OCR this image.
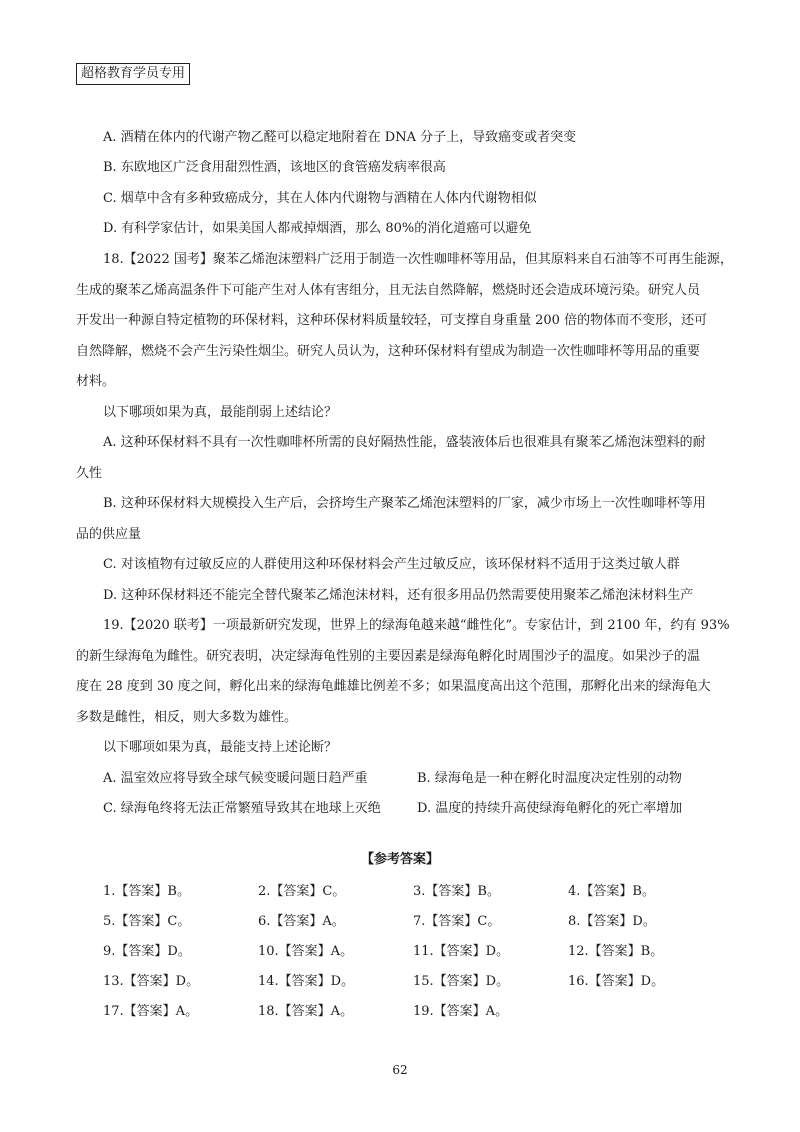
超格教育学员专用
A. 酒精在体内的代谢产物乙醛可以稳定地附着在 DNA 分子上，导致癌变或者突变
B. 东欧地区广泛食用甜烈性酒，该地区的食管癌发病率很高
C. 烟草中含有多种致癌成分，其在人体内代谢物与酒精在人体内代谢物相似
D. 有科学家估计，如果美国人都戒掉烟酒，那么 80%的消化道癌可以避免
18.【2022 国考】聚苯乙烯泡沫塑料广泛用于制造一次性咖啡杯等用品，但其原料来自石油等不可再生能源，
生成的聚苯乙烯高温条件下可能产生对人体有害组分，且无法自然降解，燃烧时还会造成环境污染。研究人员
开发出一种源自特定植物的环保材料，这种环保材料质量较轻，可支撑自身重量 200 倍的物体而不变形，还可
自然降解，燃烧不会产生污染性烟尘。研究人员认为，这种环保材料有望成为制造一次性咖啡杯等用品的重要
材料。
以下哪项如果为真，最能削弱上述结论？
A. 这种环保材料不具有一次性咖啡杯所需的良好隔热性能，盛装液体后也很难具有聚苯乙烯泡沫塑料的耐
久性
B. 这种环保材料大规模投入生产后，会挤垮生产聚苯乙烯泡沫塑料的厂家，减少市场上一次性咖啡杯等用
品的供应量
C. 对该植物有过敏反应的人群使用这种环保材料会产生过敏反应，该环保材料不适用于这类过敏人群
D. 这种环保材料还不能完全替代聚苯乙烯泡沫材料，还有很多用品仍然需要使用聚苯乙烯泡沫材料生产
19.【2020 联考】一项最新研究发现，世界上的绿海龟越来越“雌性化”。专家估计，到 2100 年，约有 93%
的新生绿海龟为雌性。研究表明，决定绿海龟性别的主要因素是绿海龟孵化时周围沙子的温度。如果沙子的温
度在 28 度到 30 度之间，孵化出来的绿海龟雌雄比例差不多；如果温度高出这个范围，那孵化出来的绿海龟大
多数是雌性，相反，则大多数为雄性。
以下哪项如果为真，最能支持上述论断？
A. 温室效应将导致全球气候变暖问题日趋严重	B. 绿海龟是一种在孵化时温度决定性别的动物
C. 绿海龟终将无法正常繁殖导致其在地球上灭绝	D. 温度的持续升高使绿海龟孵化的死亡率增加
【参考答案】
1.【答案】B。	2.【答案】C。	3.【答案】B。	4.【答案】B。
5.【答案】C。	6.【答案】A。	7.【答案】C。	8.【答案】D。
9.【答案】D。	10.【答案】A。	11.【答案】D。	12.【答案】B。
13.【答案】D。	14.【答案】D。	15.【答案】D。	16.【答案】D。
17.【答案】A。	18.【答案】A。	19.【答案】A。
62
